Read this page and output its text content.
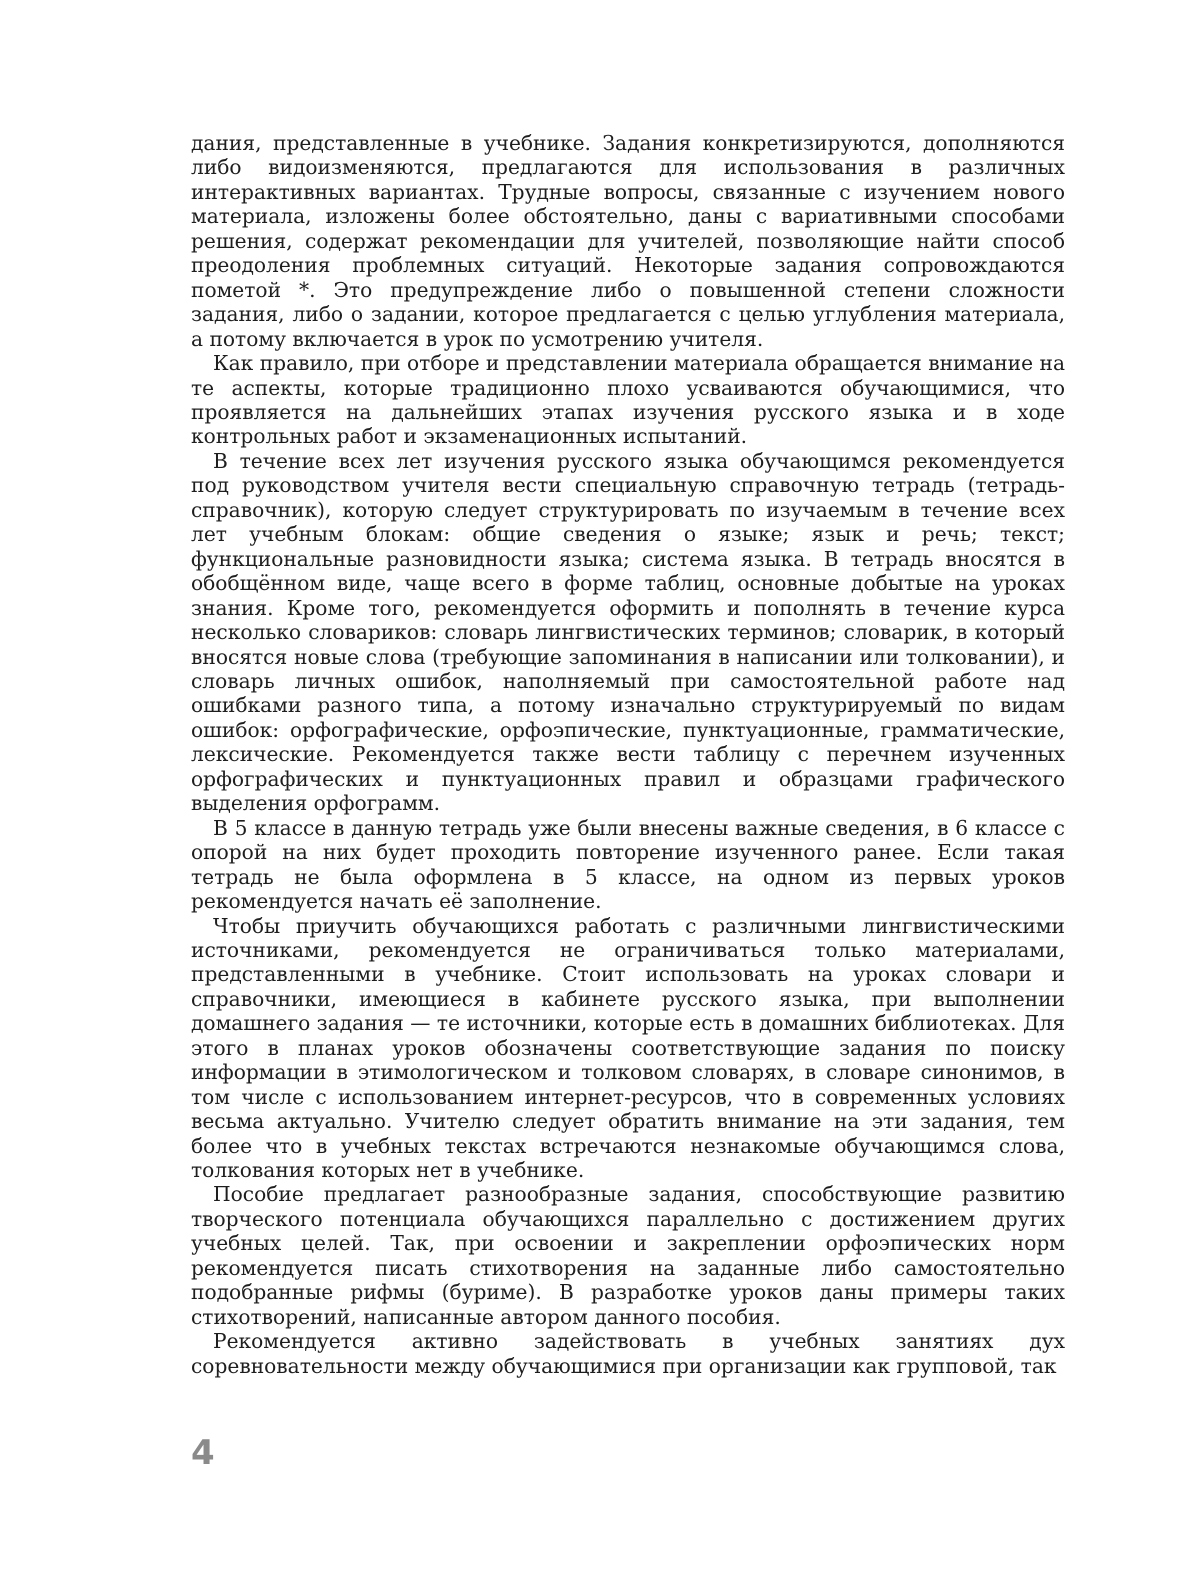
дания, представленные в учебнике. Задания конкретизируются, дополняются либо видоизменяются, предлагаются для использования в различных интерактивных вариантах. Трудные вопросы, связанные с изучением нового материала, изложены более обстоятельно, даны с вариативными способами решения, содержат рекомендации для учителей, позволяющие найти способ преодоления проблемных ситуаций. Некоторые задания сопровождаются пометой *. Это предупреждение либо о повышенной степени сложности задания, либо о задании, которое предлагается с целью углубления материала, а потому включается в урок по усмотрению учителя.

Как правило, при отборе и представлении материала обращается внимание на те аспекты, которые традиционно плохо усваиваются обучающимися, что проявляется на дальнейших этапах изучения русского языка и в ходе контрольных работ и экзаменационных испытаний.

В течение всех лет изучения русского языка обучающимся рекомендуется под руководством учителя вести специальную справочную тетрадь (тетрадь-справочник), которую следует структурировать по изучаемым в течение всех лет учебным блокам: общие сведения о языке; язык и речь; текст; функциональные разновидности языка; система языка. В тетрадь вносятся в обобщённом виде, чаще всего в форме таблиц, основные добытые на уроках знания. Кроме того, рекомендуется оформить и пополнять в течение курса несколько словариков: словарь лингвистических терминов; словарик, в который вносятся новые слова (требующие запоминания в написании или толковании), и словарь личных ошибок, наполняемый при самостоятельной работе над ошибками разного типа, а потому изначально структурируемый по видам ошибок: орфографические, орфоэпические, пунктуационные, грамматические, лексические. Рекомендуется также вести таблицу с перечнем изученных орфографических и пунктуационных правил и образцами графического выделения орфограмм.

В 5 классе в данную тетрадь уже были внесены важные сведения, в 6 классе с опорой на них будет проходить повторение изученного ранее. Если такая тетрадь не была оформлена в 5 классе, на одном из первых уроков рекомендуется начать её заполнение.

Чтобы приучить обучающихся работать с различными лингвистическими источниками, рекомендуется не ограничиваться только материалами, представленными в учебнике. Стоит использовать на уроках словари и справочники, имеющиеся в кабинете русского языка, при выполнении домашнего задания — те источники, которые есть в домашних библиотеках. Для этого в планах уроков обозначены соответствующие задания по поиску информации в этимологическом и толковом словарях, в словаре синонимов, в том числе с использованием интернет-ресурсов, что в современных условиях весьма актуально. Учителю следует обратить внимание на эти задания, тем более что в учебных текстах встречаются незнакомые обучающимся слова, толкования которых нет в учебнике.

Пособие предлагает разнообразные задания, способствующие развитию творческого потенциала обучающихся параллельно с достижением других учебных целей. Так, при освоении и закреплении орфоэпических норм рекомендуется писать стихотворения на заданные либо самостоятельно подобранные рифмы (буриме). В разработке уроков даны примеры таких стихотворений, написанные автором данного пособия.

Рекомендуется активно задействовать в учебных занятиях дух соревновательности между обучающимися при организации как групповой, так

4
